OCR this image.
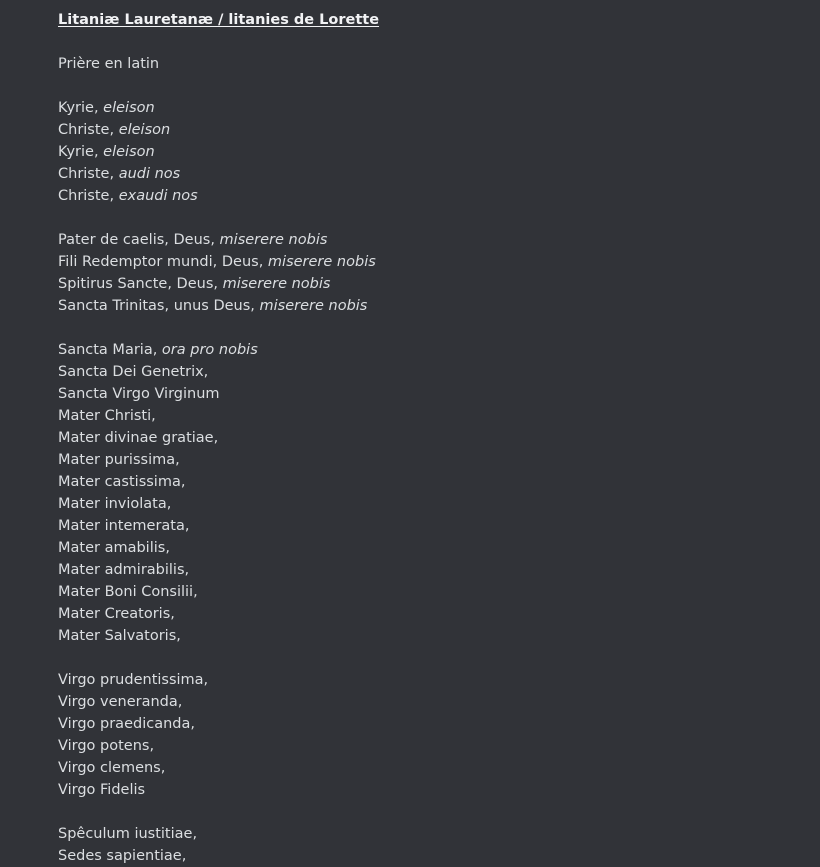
Litaniæ Lauretanæ / litanies de Lorette
Prière en latin
Kyrie, eleison
Christe, eleison
Kyrie, eleison
Christe, audi nos
Christe, exaudi nos
Pater de caelis, Deus, miserere nobis
Fili Redemptor mundi, Deus, miserere nobis
Spitirus Sancte, Deus, miserere nobis
Sancta Trinitas, unus Deus, miserere nobis
Sancta Maria, ora pro nobis
Sancta Dei Genetrix,
Sancta Virgo Virginum
Mater Christi,
Mater divinae gratiae,
Mater purissima,
Mater castissima,
Mater inviolata,
Mater intemerata,
Mater amabilis,
Mater admirabilis,
Mater Boni Consilii,
Mater Creatoris,
Mater Salvatoris,
Virgo prudentissima,
Virgo veneranda,
Virgo praedicanda,
Virgo potens,
Virgo clemens,
Virgo Fidelis
Spêculum iustitiae,
Sedes sapientiae,
